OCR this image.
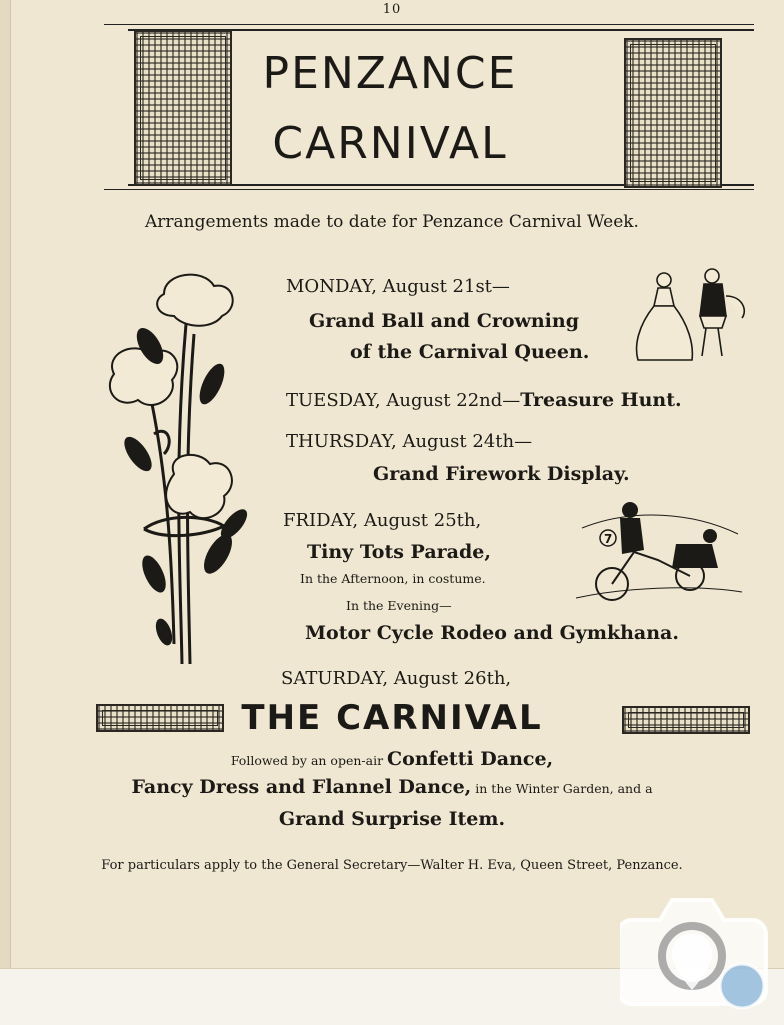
10
PENZANCE
CARNIVAL
Arrangements made to date for Penzance Carnival Week.
7
MONDAY, August 21st—
Grand Ball and Crowning
of the Carnival Queen.
TUESDAY, August 22nd—Treasure Hunt.
THURSDAY, August 24th—
Grand Firework Display.
FRIDAY, August 25th,
Tiny Tots Parade,
In the Afternoon, in costume.
In the Evening—
Motor Cycle Rodeo and Gymkhana.
SATURDAY, August 26th,
THE CARNIVAL
Followed by an open-air Confetti Dance,
Fancy Dress and Flannel Dance, in the Winter Garden, and a
Grand Surprise Item.
For particulars apply to the General Secretary—Walter H. Eva, Queen Street, Penzance.
